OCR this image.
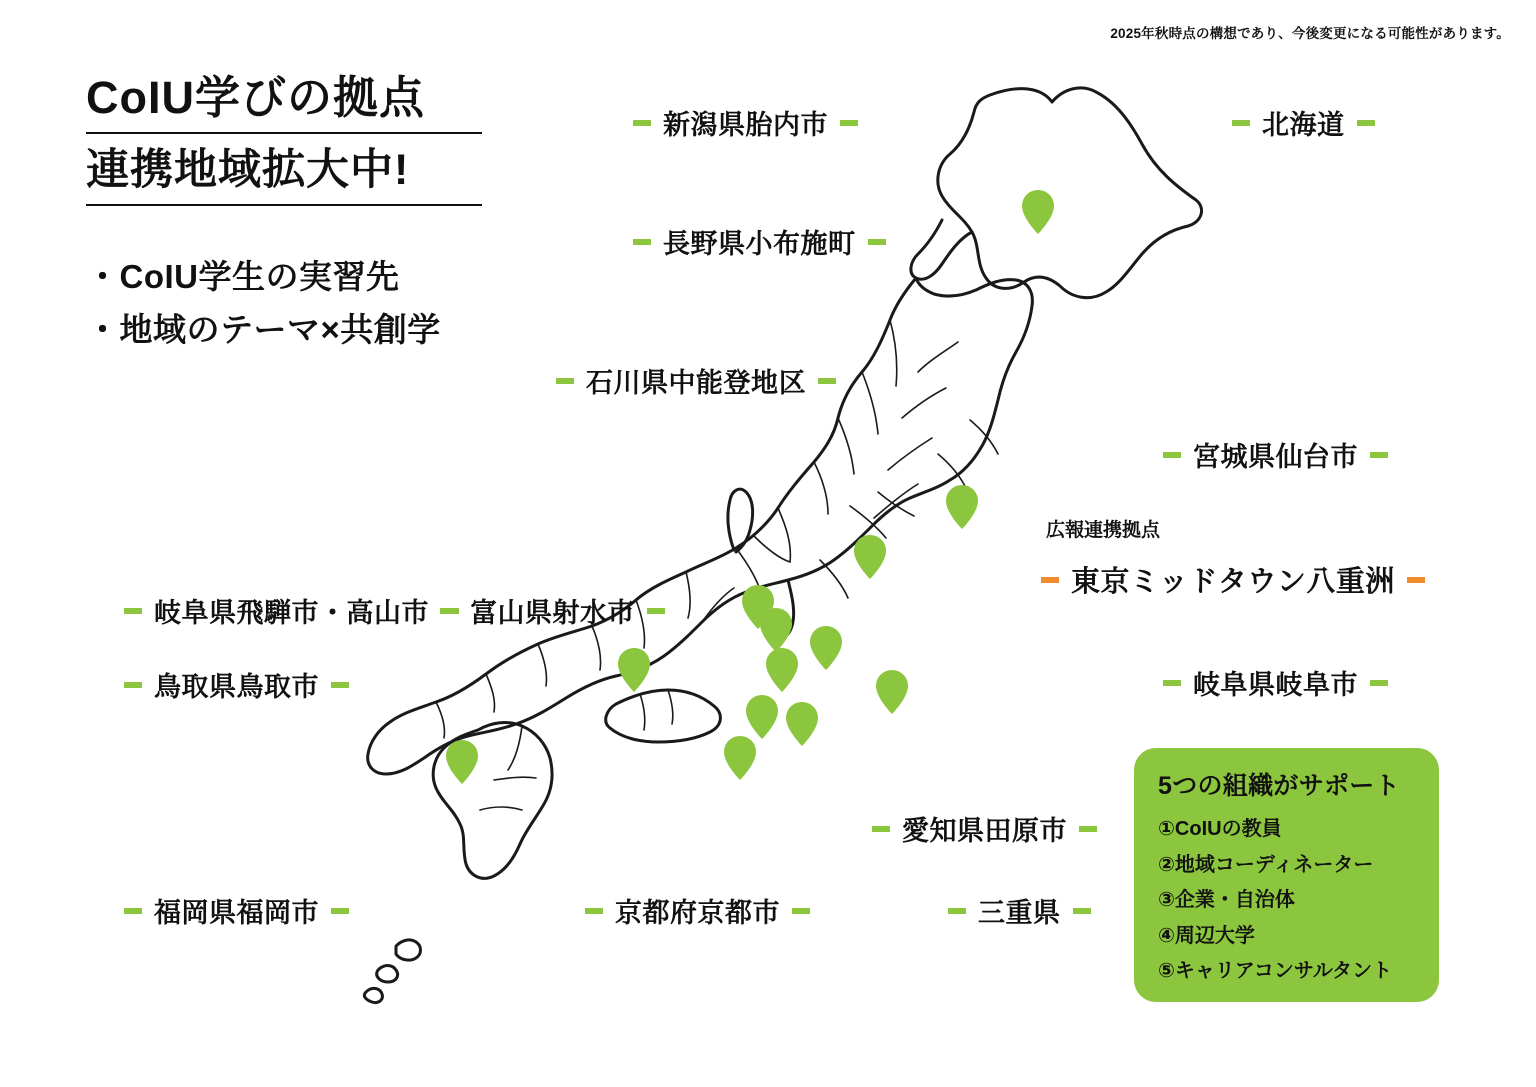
2025年秋時点の構想であり、今後変更になる可能性があります。
CoIU学びの拠点
連携地域拡大中!
・CoIU学生の実習先
・地域のテーマ×共創学
新潟県胎内市	北海道
長野県小布施町
石川県中能登地区
宮城県仙台市
広報連携拠点
東京ミッドタウン八重洲
岐阜県飛騨市・高山市	富山県射水市
岐阜県岐阜市
鳥取県鳥取市
愛知県田原市
福岡県福岡市	京都府京都市	三重県
5つの組織がサポート
①CoIUの教員
②地域コーディネーター
③企業・自治体
④周辺大学
⑤キャリアコンサルタント
